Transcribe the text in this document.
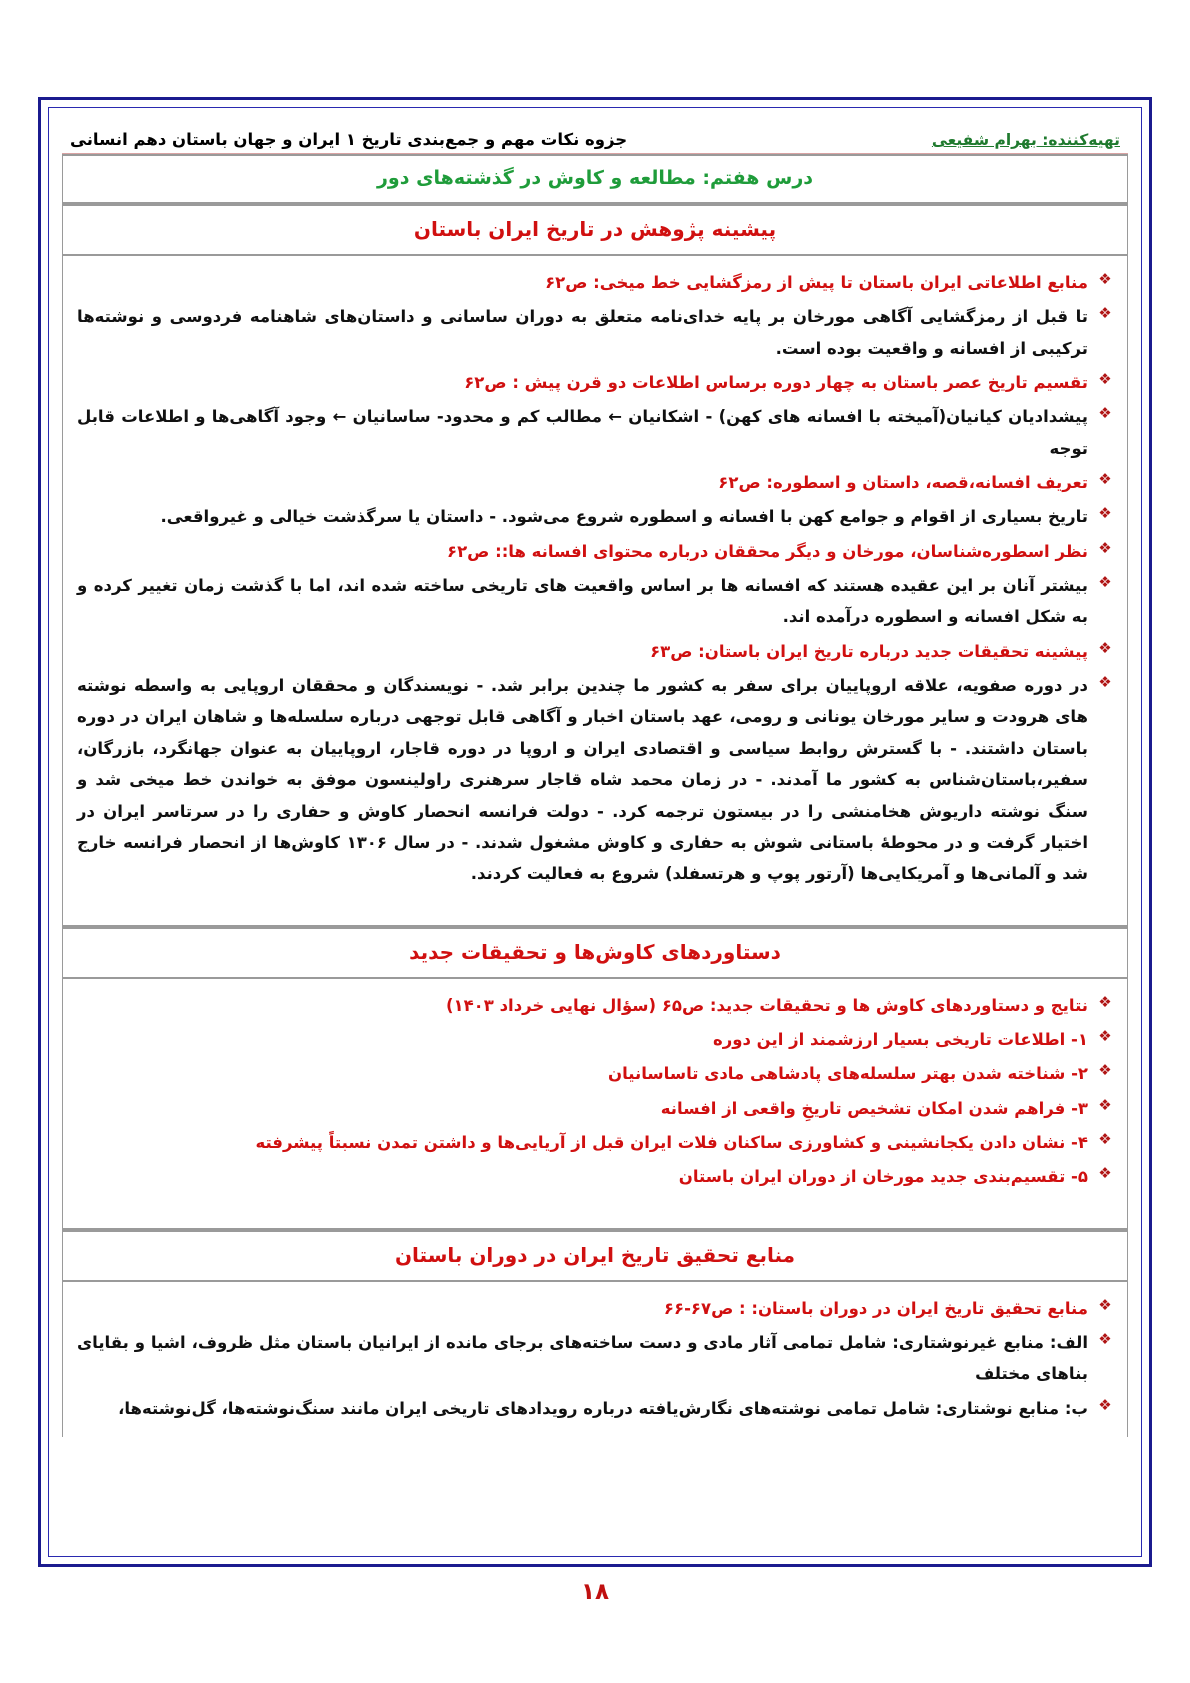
تهیه‌کننده: بهرام شفیعی
جزوه نکات مهم و جمع‌بندی تاریخ ۱ ایران و جهان باستان دهم انسانی
درس هفتم: مطالعه و کاوش در گذشته‌های دور
پیشینه پژوهش در تاریخ ایران باستان
❖
منابع اطلاعاتی ایران باستان تا پیش از رمزگشایی خط میخی: ص۶۲
❖
تا قبل از رمزگشایی آگاهی مورخان بر پایه خدای‌نامه متعلق به دوران ساسانی و داستان‌های شاهنامه فردوسی و نوشته‌ها ترکیبی از افسانه و واقعیت بوده است.
❖
تقسیم تاریخ عصر باستان به چهار دوره برساس اطلاعات دو قرن پیش : ص۶۲
❖
پیشدادیان کیانیان(آمیخته با افسانه های کهن) - اشکانیان ← مطالب کم و محدود- ساسانیان ← وجود آگاهی‌ها و اطلاعات قابل توجه
❖
تعریف افسانه،قصه، داستان و اسطوره: ص۶۲
❖
تاریخ بسیاری از اقوام و جوامع کهن با افسانه و اسطوره شروع می‌شود. - داستان یا سرگذشت خیالی و غیرواقعی.
❖
نظر اسطوره‌شناسان، مورخان و دیگر محققان درباره محتوای افسانه ها:: ص۶۲
❖
بیشتر آنان بر این عقیده هستند که افسانه ها بر اساس واقعیت های تاریخی ساخته شده اند، اما با گذشت زمان تغییر کرده و به شکل افسانه و اسطوره درآمده اند.
❖
پیشینه تحقیقات جدید درباره تاریخ ایران باستان: ص۶۳
❖
در دوره صفویه، علاقه اروپاییان برای سفر به کشور ما چندین برابر شد. - نویسندگان و محققان اروپایی به واسطه نوشته های هرودت و سایر مورخان یونانی و رومی، عهد باستان اخبار و آگاهی قابل توجهی درباره سلسله‌ها و شاهان ایران در دوره باستان داشتند. - با گسترش روابط سیاسی و اقتصادی ایران و اروپا در دوره قاجار، اروپاییان به عنوان جهانگرد، بازرگان، سفیر،باستان‌شناس به کشور ما آمدند. - در زمان محمد شاه قاجار سرهنری راولینسون موفق به خواندن خط میخی شد و سنگ نوشته داریوش هخامنشی را در بیستون ترجمه کرد. - دولت فرانسه انحصار کاوش و حفاری را در سرتاسر ایران در اختیار گرفت و در محوطهٔ باستانی شوش به حفاری و کاوش مشغول شدند. - در سال ۱۳۰۶ کاوش‌ها از انحصار فرانسه خارج شد و آلمانی‌ها و آمریکایی‌ها (آرتور پوپ و هرتسفلد) شروع به فعالیت کردند.
دستاوردهای کاوش‌ها و تحقیقات جدید
❖
نتایج و دستاوردهای کاوش ها و تحقیقات جدید: ص۶۵ (سؤال نهایی خرداد ۱۴۰۳)
❖
۱- اطلاعات تاریخی بسیار ارزشمند از این دوره
❖
۲- شناخته شدن بهتر سلسله‌های پادشاهی مادی تاساسانیان
❖
۳- فراهم شدن امکان تشخیص تاریخِ واقعی از افسانه
❖
۴- نشان دادن یکجانشینی و کشاورزی ساکنان فلات ایران قبل از آریایی‌ها و داشتن تمدن نسبتاً پیشرفته
❖
۵- تقسیم‌بندی جدید مورخان از دوران ایران باستان
منابع تحقیق تاریخ ایران در دوران باستان
❖
منابع تحقیق تاریخ ایران در دوران باستان: : ص۶۷-۶۶
❖
الف: منابع غیرنوشتاری: شامل تمامی آثار مادی و دست ساخته‌های برجای مانده از ایرانیان باستان مثل ظروف، اشیا و بقایای بناهای مختلف
❖
ب: منابع نوشتاری: شامل تمامی نوشته‌های نگارش‌یافته درباره رویدادهای تاریخی ایران مانند سنگ‌نوشته‌ها، گل‌نوشته‌ها،
۱۸
